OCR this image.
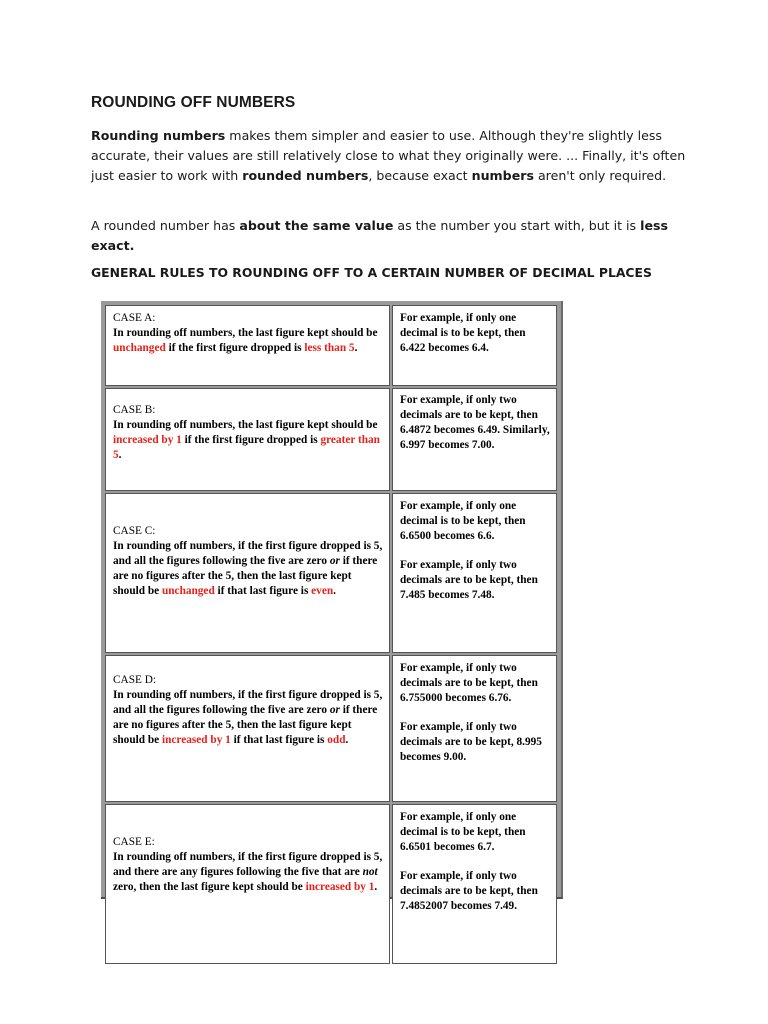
ROUNDING OFF NUMBERS
Rounding numbers makes them simpler and easier to use. Although they're slightly less accurate, their values are still relatively close to what they originally were. ... Finally, it's often just easier to work with rounded numbers, because exact numbers aren't only required.
A rounded number has about the same value as the number you start with, but it is less exact.
GENERAL RULES TO ROUNDING OFF TO A CERTAIN NUMBER OF DECIMAL PLACES
CASE A:
In rounding off numbers, the last figure kept should be unchanged if the first figure dropped is less than 5.	For example, if only one decimal is to be kept, then 6.422 becomes 6.4.

CASE B:
In rounding off numbers, the last figure kept should be increased by 1 if the first figure dropped is greater than 5.	For example, if only two decimals are to be kept, then 6.4872 becomes 6.49. Similarly, 6.997 becomes 7.00.

CASE C:
In rounding off numbers, if the first figure dropped is 5, and all the figures following the five are zero or if there are no figures after the 5, then the last figure kept should be unchanged if that last figure is even.	For example, if only one decimal is to be kept, then 6.6500 becomes 6.6.
For example, if only two decimals are to be kept, then 7.485 becomes 7.48.

CASE D:
In rounding off numbers, if the first figure dropped is 5, and all the figures following the five are zero or if there are no figures after the 5, then the last figure kept should be increased by 1 if that last figure is odd.	For example, if only two decimals are to be kept, then 6.755000 becomes 6.76.
For example, if only two decimals are to be kept, 8.995 becomes 9.00.

CASE E:
In rounding off numbers, if the first figure dropped is 5, and there are any figures following the five that are not zero, then the last figure kept should be increased by 1.	For example, if only one decimal is to be kept, then 6.6501 becomes 6.7.
For example, if only two decimals are to be kept, then 7.4852007 becomes 7.49.
